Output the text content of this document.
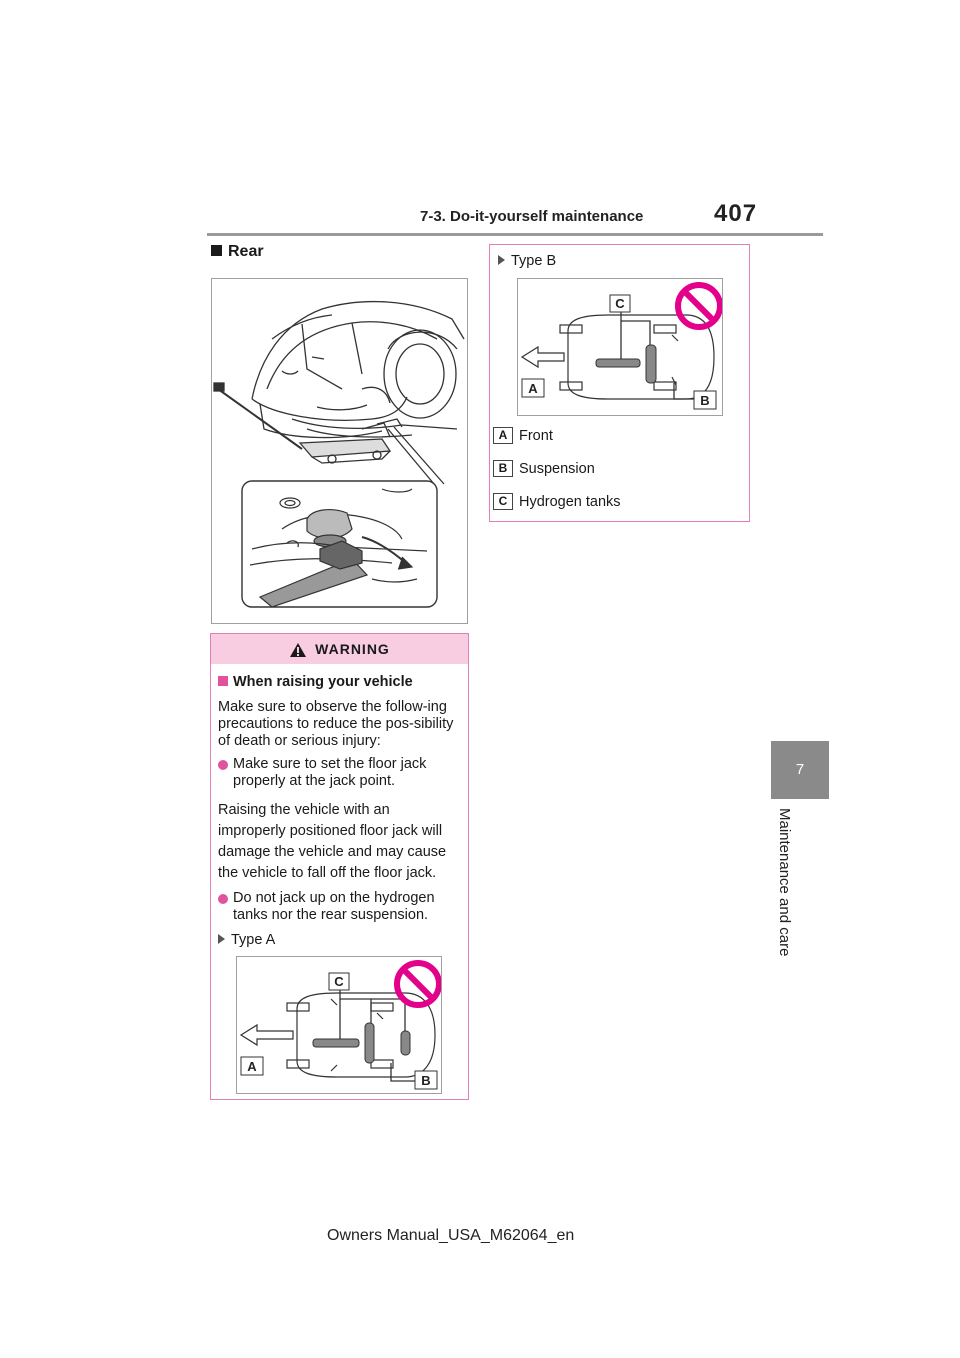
7-3. Do-it-yourself maintenance	407
7
Maintenance and care
Rear
WARNING
When raising your vehicle
Make sure to observe the follow-ing precautions to reduce the pos-sibility of death or serious injury:
Make sure to set the floor jack properly at the jack point.
Raising the vehicle with an improperly positioned floor jack will damage the vehicle and may cause the vehicle to fall off the floor jack.
Do not jack up on the hydrogen tanks nor the rear suspension.
Type A
C
A
B
Type B
C
A
B
A Front
B Suspension
C Hydrogen tanks
Owners Manual_USA_M62064_en
